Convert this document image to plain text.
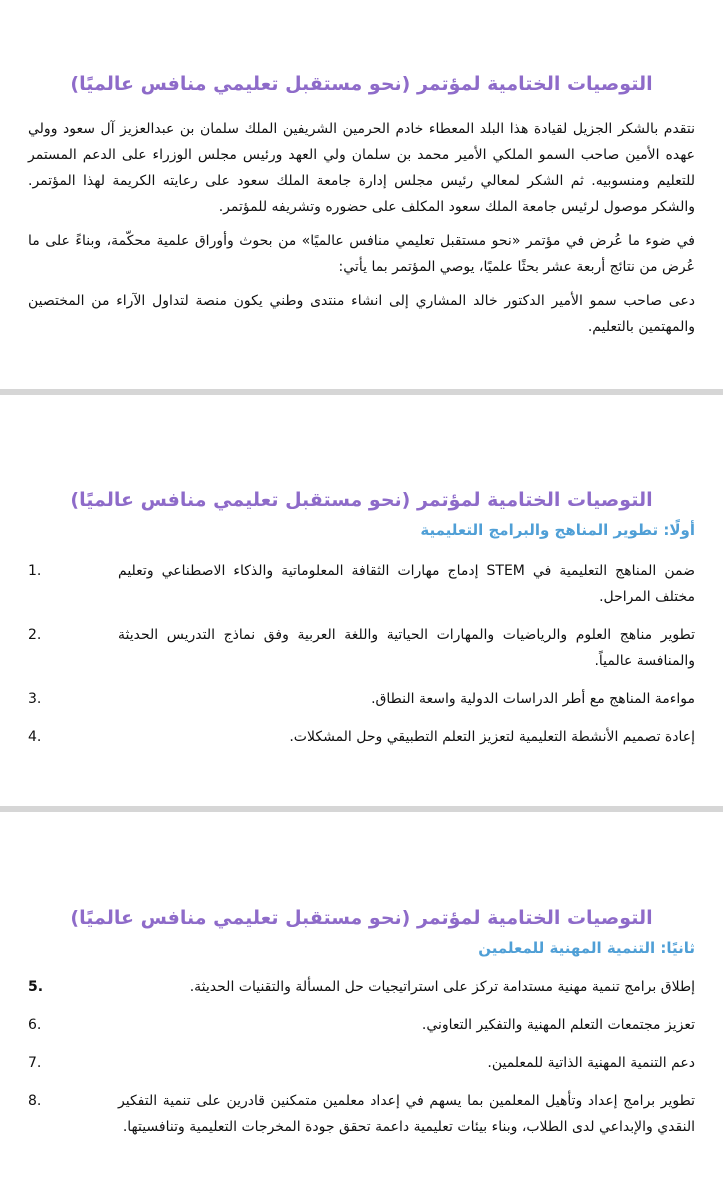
التوصيات الختامية لمؤتمر (نحو مستقبل تعليمي منافس عالميًا)

نتقدم بالشكر الجزيل لقيادة هذا البلد المعطاء خادم الحرمين الشريفين الملك سلمان بن عبدالعزيز آل سعود وولي عهده الأمين صاحب السمو الملكي الأمير محمد بن سلمان ولي العهد ورئيس مجلس الوزراء على الدعم المستمر للتعليم ومنسوبيه. ثم الشكر لمعالي رئيس مجلس إدارة جامعة الملك سعود على رعايته الكريمة لهذا المؤتمر. والشكر موصول لرئيس جامعة الملك سعود المكلف على حضوره وتشريفه للمؤتمر.

في ضوء ما عُرض في مؤتمر «نحو مستقبل تعليمي منافس عالميًا» من بحوث وأوراق علمية محكّمة، وبناءً على ما عُرض من نتائج أربعة عشر بحثًا علميًا، يوصي المؤتمر بما يأتي:

دعى صاحب سمو الأمير الدكتور خالد المشاري إلى انشاء منتدى وطني يكون منصة لتداول الآراء من المختصين والمهتمين بالتعليم.

التوصيات الختامية لمؤتمر (نحو مستقبل تعليمي منافس عالميًا)
أولًا: تطوير المناهج والبرامج التعليمية
1.	ضمن المناهج التعليمية في STEM إدماج مهارات الثقافة المعلوماتية والذكاء الاصطناعي وتعليم مختلف المراحل.
2.	تطوير مناهج العلوم والرياضيات والمهارات الحياتية واللغة العربية وفق نماذج التدريس الحديثة والمنافسة عالمياً.
3.	مواءمة المناهج مع أطر الدراسات الدولية واسعة النطاق.
4.	إعادة تصميم الأنشطة التعليمية لتعزيز التعلم التطبيقي وحل المشكلات.
التوصيات الختامية لمؤتمر (نحو مستقبل تعليمي منافس عالميًا)
ثانيًا: التنمية المهنية للمعلمين
5.	إطلاق برامج تنمية مهنية مستدامة تركز على استراتيجيات حل المسألة والتقنيات الحديثة.
6.	تعزيز مجتمعات التعلم المهنية والتفكير التعاوني.
7.	دعم التنمية المهنية الذاتية للمعلمين.
8.	تطوير برامج إعداد وتأهيل المعلمين بما يسهم في إعداد معلمين متمكنين قادرين على تنمية التفكير النقدي والإبداعي لدى الطلاب، وبناء بيئات تعليمية داعمة تحقق جودة المخرجات التعليمية وتنافسيتها.
